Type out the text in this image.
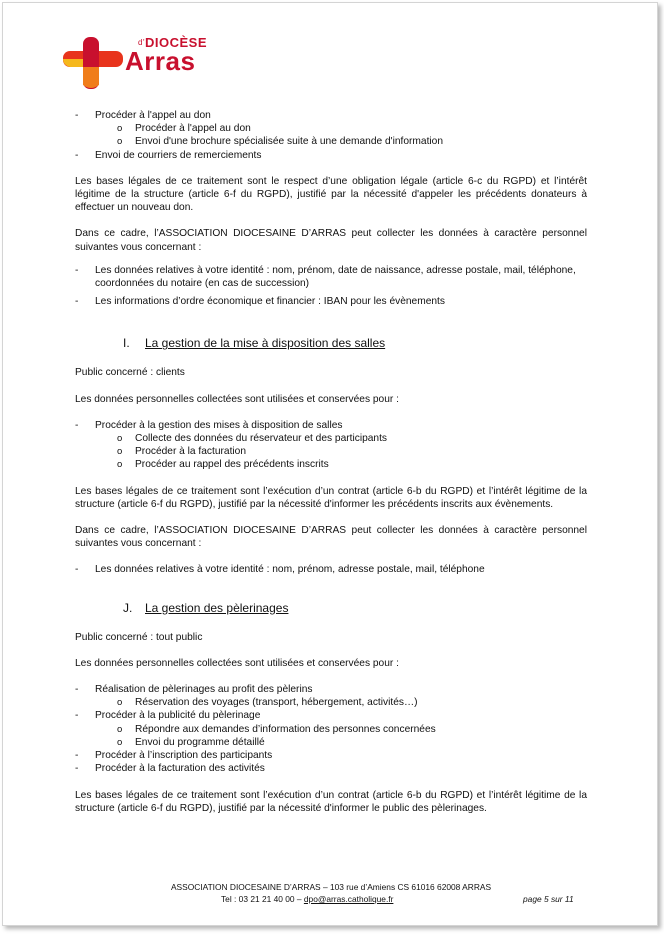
d'DIOCÈSE
Arras
- Procéder à l'appel au don
o Procéder à l'appel au don
o Envoi d'une brochure spécialisée suite à une demande d'information
- Envoi de courriers de remerciements
Les bases légales de ce traitement sont le respect d’une obligation légale (article 6-c du RGPD) et l’intérêt légitime de la structure (article 6-f du RGPD), justifié par la nécessité d'appeler les précédents donateurs à effectuer un nouveau don.
Dans ce cadre, l’ASSOCIATION DIOCESAINE D’ARRAS peut collecter les données à caractère personnel suivantes vous concernant :
- Les données relatives à votre identité : nom, prénom, date de naissance, adresse postale, mail, téléphone, coordonnées du notaire (en cas de succession)
- Les informations d’ordre économique et financier : IBAN pour les évènements
I. La gestion de la mise à disposition des salles
Public concerné : clients
Les données personnelles collectées sont utilisées et conservées pour :
- Procéder à la gestion des mises à disposition de salles
o Collecte des données du réservateur et des participants
o Procéder à la facturation
o Procéder au rappel des précédents inscrits
Les bases légales de ce traitement sont l’exécution d’un contrat (article 6-b du RGPD) et l’intérêt légitime de la structure (article 6-f du RGPD), justifié par la nécessité d'informer les précédents inscrits aux évènements.
Dans ce cadre, l’ASSOCIATION DIOCESAINE D’ARRAS peut collecter les données à caractère personnel suivantes vous concernant :
- Les données relatives à votre identité : nom, prénom, adresse postale, mail, téléphone
J. La gestion des pèlerinages
Public concerné : tout public
Les données personnelles collectées sont utilisées et conservées pour :
- Réalisation de pèlerinages au profit des pèlerins
o Réservation des voyages (transport, hébergement, activités…)
- Procéder à la publicité du pèlerinage
o Répondre aux demandes d’information des personnes concernées
o Envoi du programme détaillé
- Procéder à l’inscription des participants
- Procéder à la facturation des activités
Les bases légales de ce traitement sont l’exécution d’un contrat (article 6-b du RGPD) et l’intérêt légitime de la structure (article 6-f du RGPD), justifié par la nécessité d'informer le public des pèlerinages.
ASSOCIATION DIOCESAINE D’ARRAS – 103 rue d’Amiens CS 61016 62008 ARRAS
Tel : 03 21 21 40 00 – dpo@arras.catholique.fr	page 5 sur 11
